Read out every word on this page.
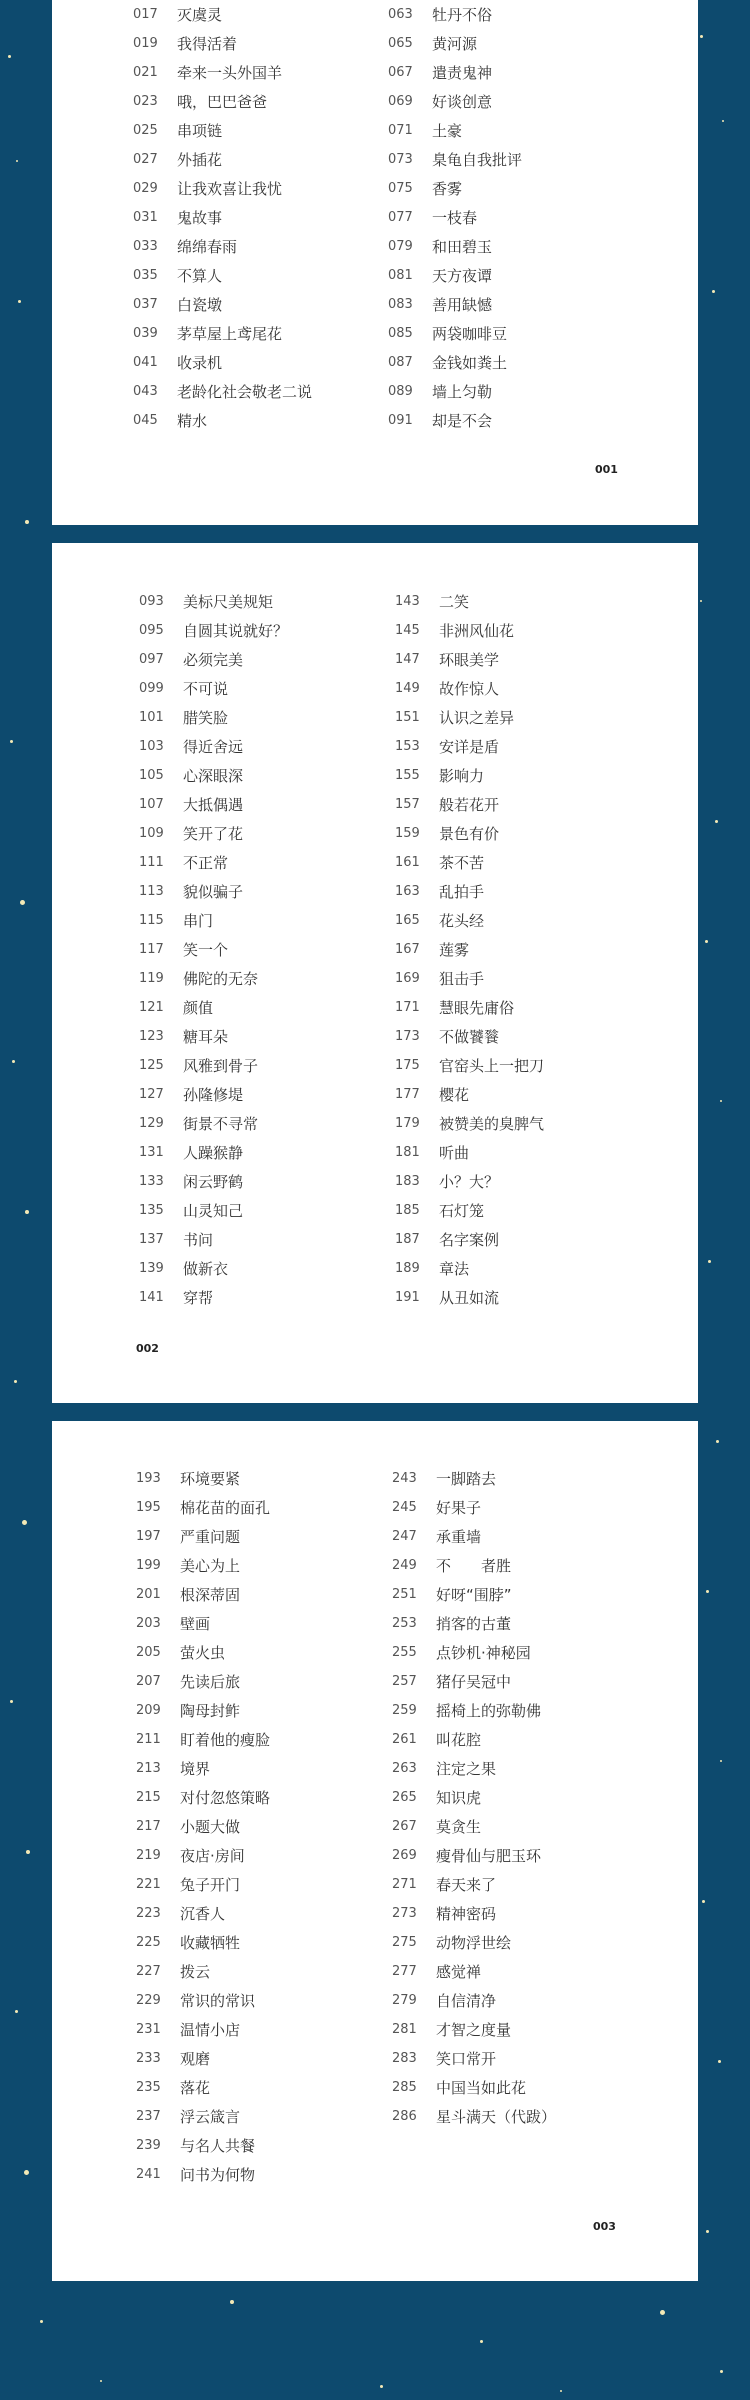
017	灭虞灵
019	我得活着
021	牵来一头外国羊
023	哦，巴巴爸爸
025	串项链
027	外插花
029	让我欢喜让我忧
031	鬼故事
033	绵绵春雨
035	不算人
037	白瓷墩
039	茅草屋上鸢尾花
041	收录机
043	老龄化社会敬老二说
045	精水
063	牡丹不俗
065	黄河源
067	遣责鬼神
069	好谈创意
071	土豪
073	臬龟自我批评
075	香雾
077	一枝春
079	和田碧玉
081	天方夜谭
083	善用缺憾
085	两袋咖啡豆
087	金钱如粪土
089	墙上匀勒
091	却是不会
001
093	美标尺美规矩
095	自圆其说就好？
097	必须完美
099	不可说
101	腊笑脸
103	得近舍远
105	心深眼深
107	大抵偶遇
109	笑开了花
111	不正常
113	貌似骗子
115	串门
117	笑一个
119	佛陀的无奈
121	颜值
123	糖耳朵
125	风雅到骨子
127	孙隆修堤
129	街景不寻常
131	人躁猴静
133	闲云野鹤
135	山灵知己
137	书问
139	做新衣
141	穿帮
143	二笑
145	非洲风仙花
147	环眼美学
149	故作惊人
151	认识之差异
153	安详是盾
155	影响力
157	般若花开
159	景色有价
161	茶不苦
163	乱拍手
165	花头经
167	莲雾
169	狙击手
171	慧眼先庸俗
173	不做饕餮
175	官窑头上一把刀
177	樱花
179	被赞美的臭脾气
181	听曲
183	小？大？
185	石灯笼
187	名字案例
189	章法
191	从丑如流
002
193	环境要紧
195	棉花苗的面孔
197	严重问题
199	美心为上
201	根深蒂固
203	壁画
205	萤火虫
207	先读后旅
209	陶母封鲊
211	盯着他的瘦脸
213	境界
215	对付忽悠策略
217	小题大做
219	夜店·房间
221	兔子开门
223	沉香人
225	收藏牺牲
227	拨云
229	常识的常识
231	温情小店
233	观磨
235	落花
237	浮云箴言
239	与名人共餐
241	问书为何物
243	一脚踏去
245	好果子
247	承重墙
249	不　　者胜
251	好呀“围脖”
253	捎客的古董
255	点钞机·神秘园
257	猪仔吴冠中
259	摇椅上的弥勒佛
261	叫花腔
263	注定之果
265	知识虎
267	莫贪生
269	瘦骨仙与肥玉环
271	春天来了
273	精神密码
275	动物浮世绘
277	感觉禅
279	自信清净
281	才智之度量
283	笑口常开
285	中国当如此花
286	星斗满天（代跋）
003
